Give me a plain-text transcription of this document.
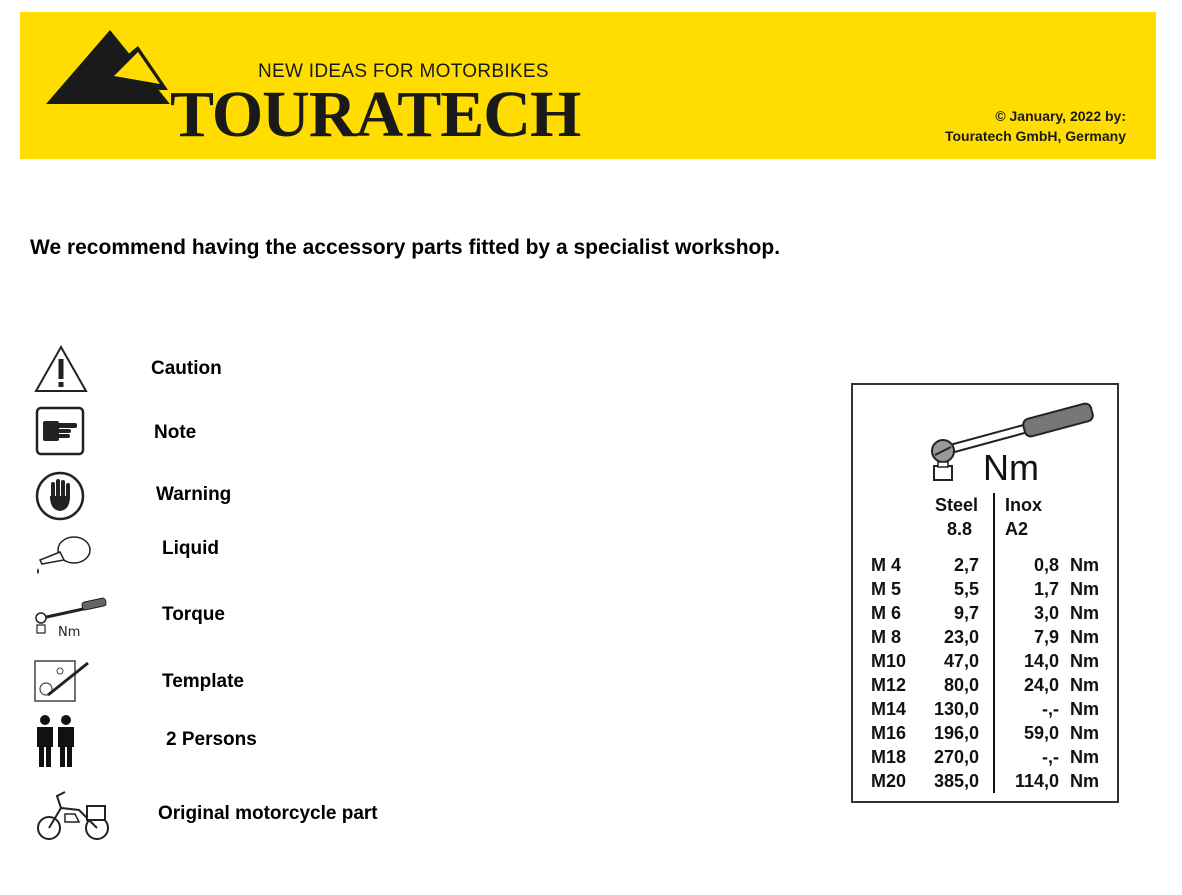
NEW IDEAS FOR MOTORBIKES
TOURATECH	© January, 2022 by:
Touratech GmbH, Germany
We recommend having the accessory parts fitted by a specialist workshop.
Caution
Note
Warning
Liquid
Nm
Torque
Template
2 Persons
Original motorcycle part
Nm
Steel
8.8
Inox
A2
M 4	2,7	0,8 Nm
M 5	5,5	1,7 Nm
M 6	9,7	3,0 Nm
M 8	23,0	7,9 Nm
M10	47,0	14,0 Nm
M12	80,0	24,0 Nm
M14	130,0	-,- Nm
M16	196,0	59,0 Nm
M18	270,0	-,- Nm
M20	385,0	114,0 Nm
